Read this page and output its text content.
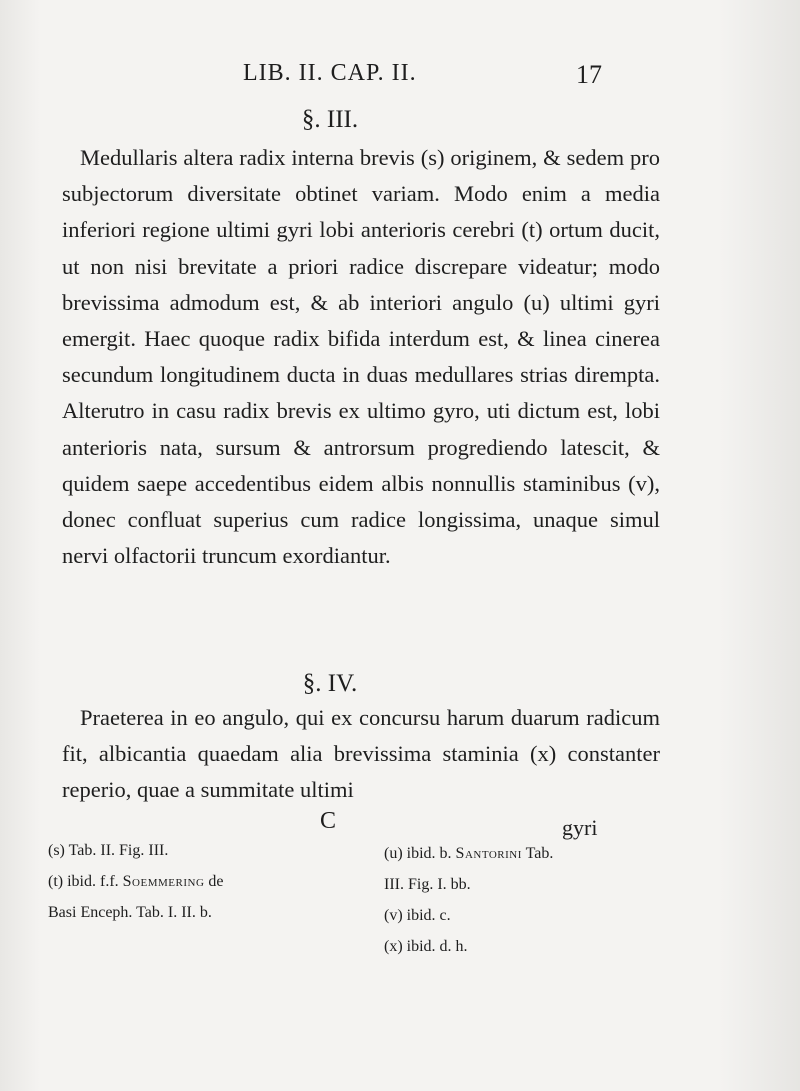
LIB. II. CAP. II.	17
§. III.

Medullaris altera radix interna brevis (s) originem, & sedem pro subjectorum diversitate obtinet variam. Modo enim a media inferiori regione ultimi gyri lobi anterioris cerebri (t) ortum ducit, ut non nisi brevitate a priori radice discrepare videatur; modo brevissima admodum est, & ab interiori angulo (u) ultimi gyri emergit. Haec quoque radix bifida interdum est, & linea cinerea secundum longitudinem ducta in duas medullares strias dirempta. Alterutro in casu radix brevis ex ultimo gyro, uti dictum est, lobi anterioris nata, sursum & antrorsum progrediendo latescit, & quidem saepe accedentibus eidem albis nonnullis staminibus (v), donec confluat superius cum radice longissima, unaque simul nervi olfactorii truncum exordiantur.

§. IV.

Praeterea in eo angulo, qui ex concursu harum duarum radicum fit, albicantia quaedam alia brevissima staminia (x) constanter reperio, quae a summitate ultimi

C	gyri
(s) Tab. II. Fig. III.
(t) ibid. f.f. Soemmering de
Basi Enceph. Tab. I. II. b.
(u) ibid. b. Santorini Tab.
III. Fig. I. bb.
(v) ibid. c.
(x) ibid. d. h.
